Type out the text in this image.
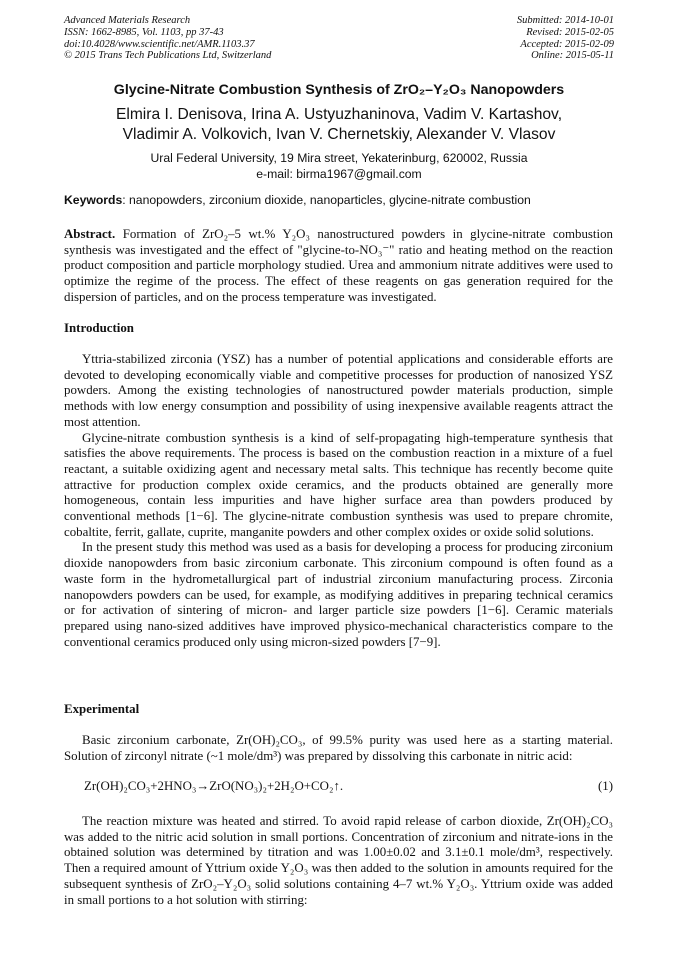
Advanced Materials Research
ISSN: 1662-8985, Vol. 1103, pp 37-43
doi:10.4028/www.scientific.net/AMR.1103.37
© 2015 Trans Tech Publications Ltd, Switzerland
Submitted: 2014-10-01
Revised: 2015-02-05
Accepted: 2015-02-09
Online: 2015-05-11
Glycine-Nitrate Combustion Synthesis of ZrO₂–Y₂O₃ Nanopowders
Elmira I. Denisova, Irina A. Ustyuzhaninova, Vadim V. Kartashov,
Vladimir A. Volkovich, Ivan V. Chernetskiy, Alexander V. Vlasov
Ural Federal University, 19 Mira street, Yekaterinburg, 620002, Russia
e-mail: birma1967@gmail.com
Keywords: nanopowders, zirconium dioxide, nanoparticles, glycine-nitrate combustion
Abstract. Formation of ZrO₂–5 wt.% Y₂O₃ nanostructured powders in glycine-nitrate combustion synthesis was investigated and the effect of "glycine-to-NO₃⁻" ratio and heating method on the reaction product composition and particle morphology studied. Urea and ammonium nitrate additives were used to optimize the regime of the process. The effect of these reagents on gas generation required for the dispersion of particles, and on the process temperature was investigated.
Introduction

Yttria-stabilized zirconia (YSZ) has a number of potential applications and considerable efforts are devoted to developing economically viable and competitive processes for production of nanosized YSZ powders. Among the existing technologies of nanostructured powder materials production, simple methods with low energy consumption and possibility of using inexpensive available reagents attract the most attention.

Glycine-nitrate combustion synthesis is a kind of self-propagating high-temperature synthesis that satisfies the above requirements. The process is based on the combustion reaction in a mixture of a fuel reactant, a suitable oxidizing agent and necessary metal salts. This technique has recently become quite attractive for production complex oxide ceramics, and the products obtained are generally more homogeneous, contain less impurities and have higher surface area than powders produced by conventional methods [1−6]. The glycine-nitrate combustion synthesis was used to prepare chromite, cobaltite, ferrit, gallate, cuprite, manganite powders and other complex oxides or oxide solid solutions.

In the present study this method was used as a basis for developing a process for producing zirconium dioxide nanopowders from basic zirconium carbonate. This zirconium compound is often found as a waste form in the hydrometallurgical part of industrial zirconium manufacturing process. Zirconia nanopowders powders can be used, for example, as modifying additives in preparing technical ceramics or for activation of sintering of micron- and larger particle size powders [1−6]. Ceramic materials prepared using nano-sized additives have improved physico-mechanical characteristics compare to the conventional ceramics produced only using micron-sized powders [7−9].

Experimental

Basic zirconium carbonate, Zr(OH)₂CO₃, of 99.5% purity was used here as a starting material. Solution of zirconyl nitrate (~1 mole/dm³) was prepared by dissolving this carbonate in nitric acid:

Zr(OH)₂CO₃+2HNO₃→ZrO(NO₃)₂+2H₂O+CO₂↑.	(1)

The reaction mixture was heated and stirred. To avoid rapid release of carbon dioxide, Zr(OH)₂CO₃ was added to the nitric acid solution in small portions. Concentration of zirconium and nitrate-ions in the obtained solution was determined by titration and was 1.00±0.02 and 3.1±0.1 mole/dm³, respectively. Then a required amount of Yttrium oxide Y₂O₃ was then added to the solution in amounts required for the subsequent synthesis of ZrO₂–Y₂O₃ solid solutions containing 4–7 wt.% Y₂O₃. Yttrium oxide was added in small portions to a hot solution with stirring:
